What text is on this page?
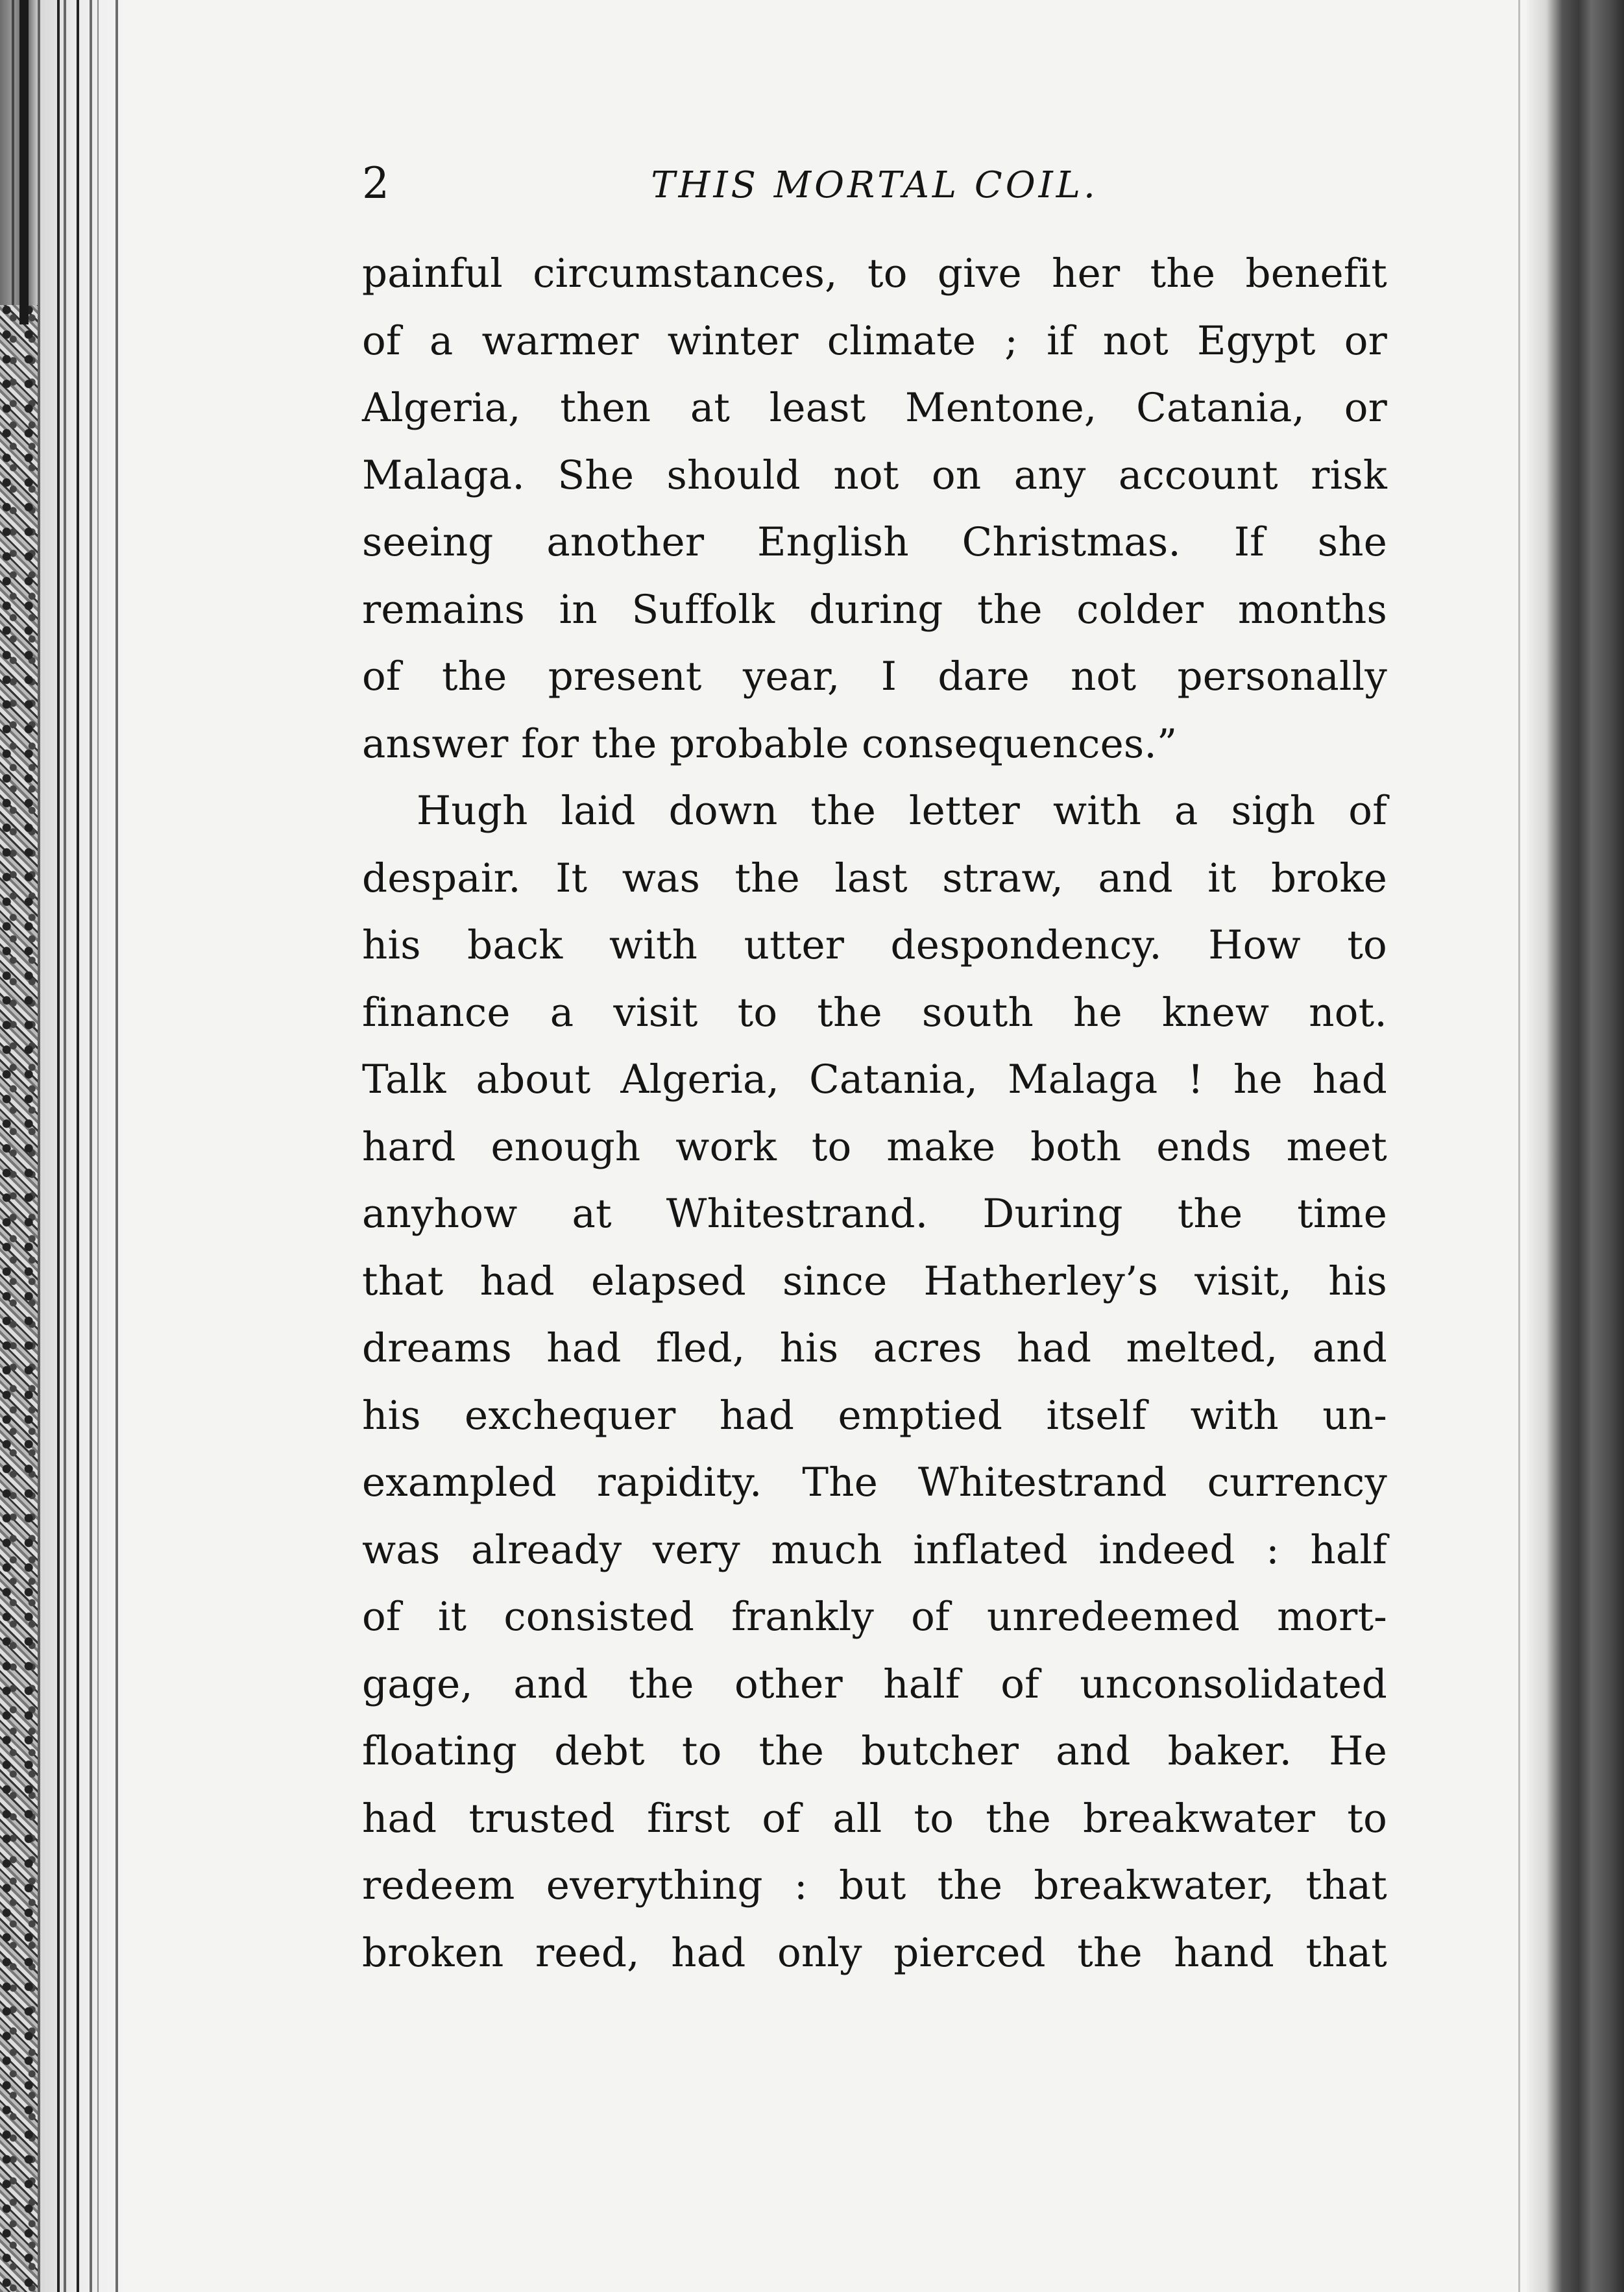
2	THIS MORTAL COIL.
painful circumstances, to give her the benefit
of a warmer winter climate ; if not Egypt or
Algeria, then at least Mentone, Catania, or
Malaga. She should not on any account risk
seeing another English Christmas. If she
remains in Suffolk during the colder months
of the present year, I dare not personally
answer for the probable consequences.”
Hugh laid down the letter with a sigh of
despair. It was the last straw, and it broke
his back with utter despondency. How to
finance a visit to the south he knew not.
Talk about Algeria, Catania, Malaga ! he had
hard enough work to make both ends meet
anyhow at Whitestrand. During the time
that had elapsed since Hatherley’s visit, his
dreams had fled, his acres had melted, and
his exchequer had emptied itself with un-
exampled rapidity. The Whitestrand currency
was already very much inflated indeed : half
of it consisted frankly of unredeemed mort-
gage, and the other half of unconsolidated
floating debt to the butcher and baker. He
had trusted first of all to the breakwater to
redeem everything : but the breakwater, that
broken reed, had only pierced the hand that
